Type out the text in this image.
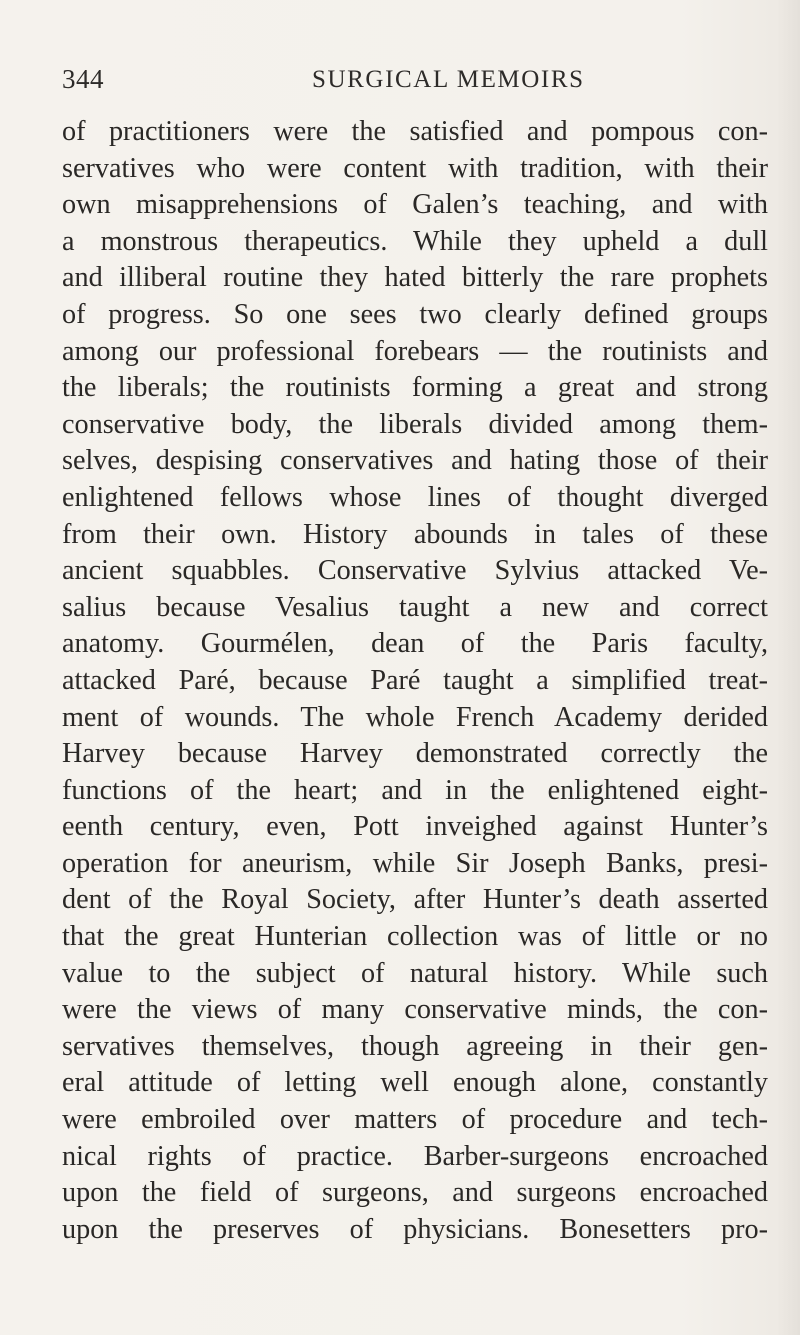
344	SURGICAL MEMOIRS
of practitioners were the satisfied and pompous con-
servatives who were content with tradition, with their
own misapprehensions of Galen’s teaching, and with
a monstrous therapeutics. While they upheld a dull
and illiberal routine they hated bitterly the rare prophets
of progress. So one sees two clearly defined groups
among our professional forebears — the routinists and
the liberals; the routinists forming a great and strong
conservative body, the liberals divided among them-
selves, despising conservatives and hating those of their
enlightened fellows whose lines of thought diverged
from their own. History abounds in tales of these
ancient squabbles. Conservative Sylvius attacked Ve-
salius because Vesalius taught a new and correct
anatomy. Gourmélen, dean of the Paris faculty,
attacked Paré, because Paré taught a simplified treat-
ment of wounds. The whole French Academy derided
Harvey because Harvey demonstrated correctly the
functions of the heart; and in the enlightened eight-
eenth century, even, Pott inveighed against Hunter’s
operation for aneurism, while Sir Joseph Banks, presi-
dent of the Royal Society, after Hunter’s death asserted
that the great Hunterian collection was of little or no
value to the subject of natural history. While such
were the views of many conservative minds, the con-
servatives themselves, though agreeing in their gen-
eral attitude of letting well enough alone, constantly
were embroiled over matters of procedure and tech-
nical rights of practice. Barber-surgeons encroached
upon the field of surgeons, and surgeons encroached
upon the preserves of physicians. Bonesetters pro-
